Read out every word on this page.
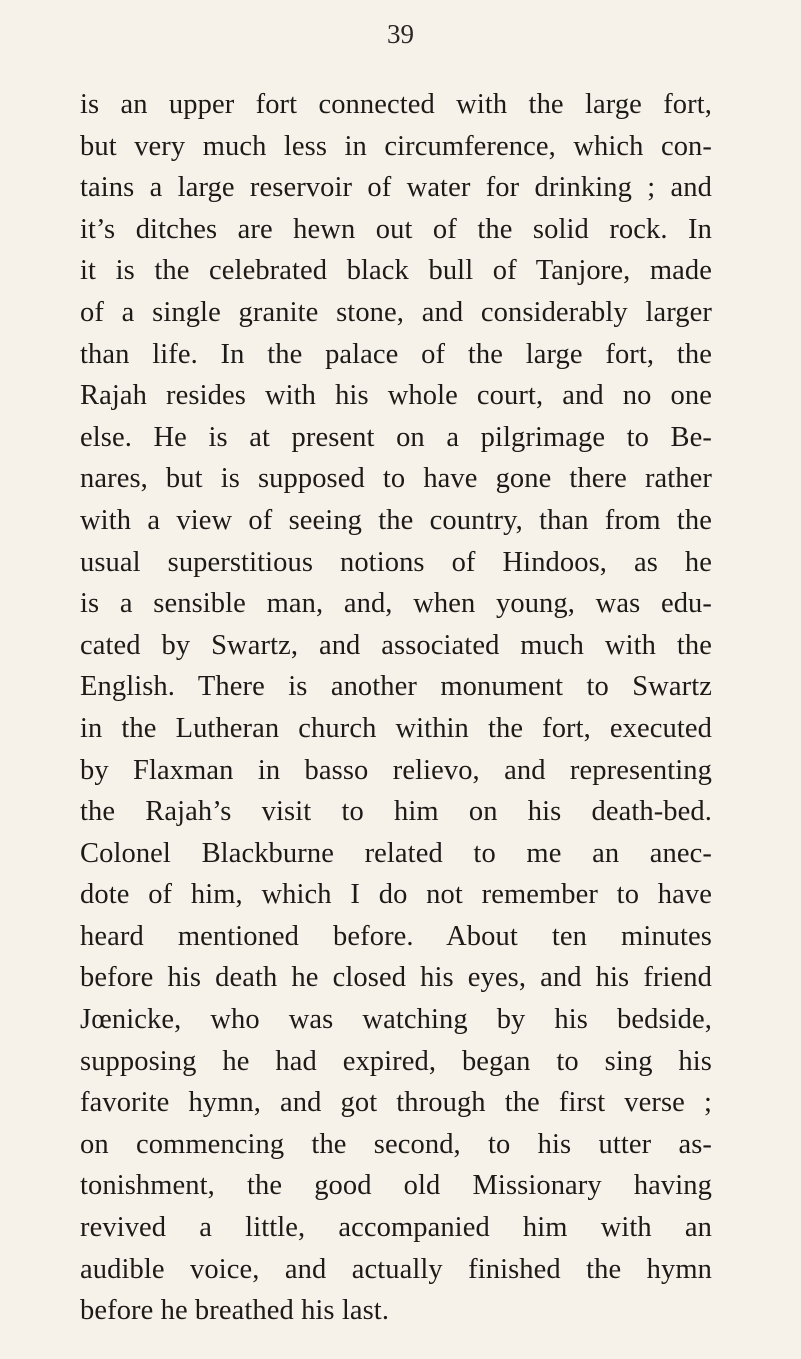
39
is an upper fort connected with the large fort,
but very much less in circumference, which con-
tains a large reservoir of water for drinking ; and
it’s ditches are hewn out of the solid rock. In
it is the celebrated black bull of Tanjore, made
of a single granite stone, and considerably larger
than life. In the palace of the large fort, the
Rajah resides with his whole court, and no one
else. He is at present on a pilgrimage to Be-
nares, but is supposed to have gone there rather
with a view of seeing the country, than from the
usual superstitious notions of Hindoos, as he
is a sensible man, and, when young, was edu-
cated by Swartz, and associated much with the
English. There is another monument to Swartz
in the Lutheran church within the fort, executed
by Flaxman in basso relievo, and representing
the Rajah’s visit to him on his death-bed.
Colonel Blackburne related to me an anec-
dote of him, which I do not remember to have
heard mentioned before. About ten minutes
before his death he closed his eyes, and his friend
Jœnicke, who was watching by his bedside,
supposing he had expired, began to sing his
favorite hymn, and got through the first verse ;
on commencing the second, to his utter as-
tonishment, the good old Missionary having
revived a little, accompanied him with an
audible voice, and actually finished the hymn
before he breathed his last.
